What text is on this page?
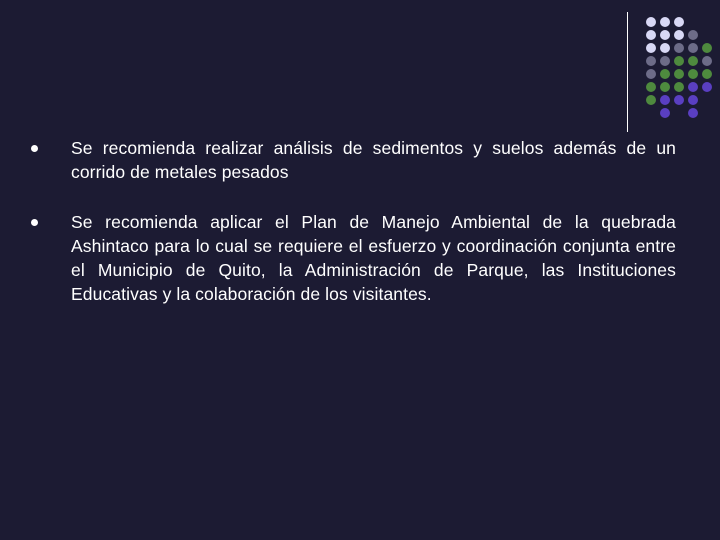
Se recomienda realizar análisis de sedimentos y suelos además de un corrido de metales pesados
Se recomienda aplicar el Plan de Manejo Ambiental de la quebrada Ashintaco para lo cual se requiere el esfuerzo y coordinación conjunta entre el Municipio de Quito, la Administración de Parque, las Instituciones Educativas y la colaboración de los visitantes.
